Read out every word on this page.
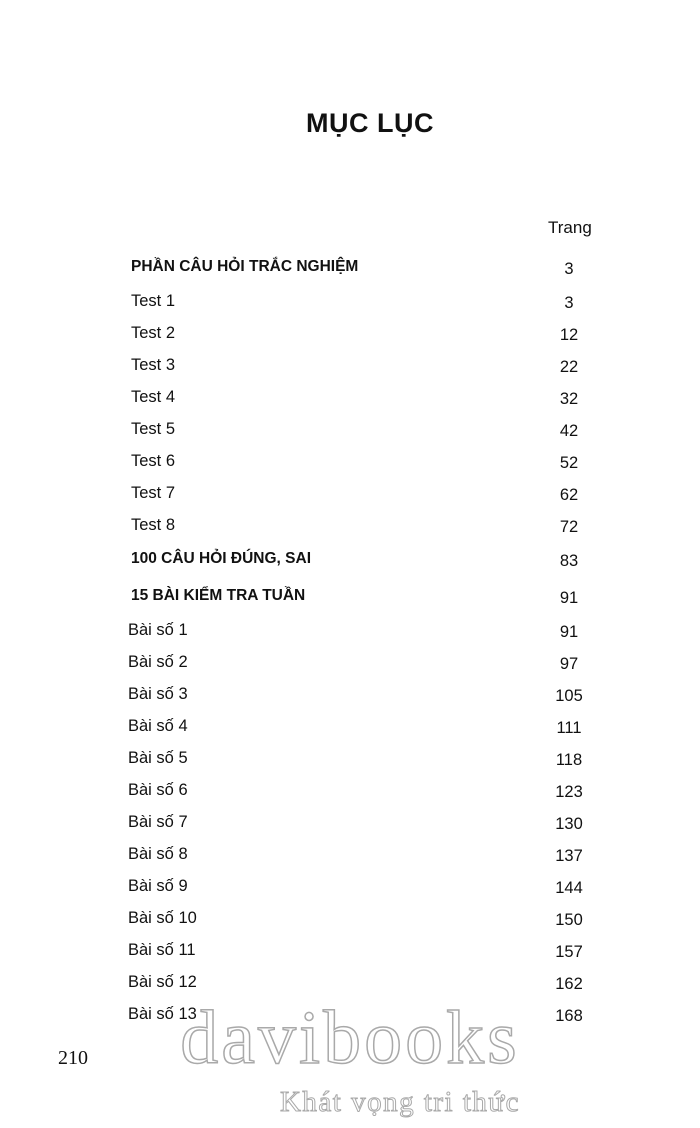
MỤC LỤC
Trang
PHẦN CÂU HỎI TRẮC NGHIỆM	3
Test 1	3
Test 2	12
Test 3	22
Test 4	32
Test 5	42
Test 6	52
Test 7	62
Test 8	72
100 CÂU HỎI ĐÚNG, SAI	83
15 BÀI KIỂM TRA TUẦN	91
Bài số 1	91
Bài số 2	97
Bài số 3	105
Bài số 4	111
Bài số 5	118
Bài số 6	123
Bài số 7	130
Bài số 8	137
Bài số 9	144
Bài số 10	150
Bài số 11	157
Bài số 12	162
Bài số 13	168
210	davibooks
Khát vọng tri thức
